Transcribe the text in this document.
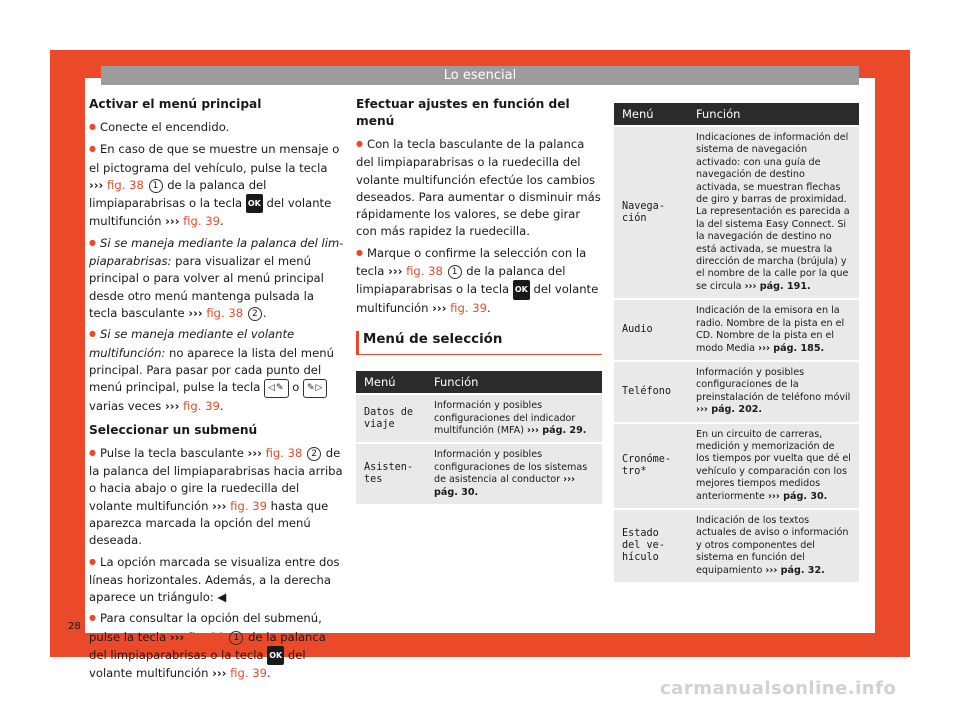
Lo esencial
Activar el menú principal

● Conecte el encendido.

● En caso de que se muestre un mensaje o el pictograma del vehículo, pulse la tecla ››› fig. 38 1 de la palanca del limpiaparabrisas o la tecla OK del volante multifunción ››› fig. 39.

● Si se maneja mediante la palanca del limpiaparabrisas: para visualizar el menú principal o para volver al menú principal desde otro menú mantenga pulsada la tecla basculante ››› fig. 38 2 .

● Si se maneja mediante el volante multifunción: no aparece la lista del menú principal. Para pasar por cada punto del menú principal, pulse la tecla ◁✎ o ✎▷ varias veces ››› fig. 39.

Seleccionar un submenú

● Pulse la tecla basculante ››› fig. 38 2 de la palanca del limpiaparabrisas hacia arriba o hacia abajo o gire la ruedecilla del volante multifunción ››› fig. 39 hasta que aparezca marcada la opción del menú deseada.

● La opción marcada se visualiza entre dos líneas horizontales. Además, a la derecha aparece un triángulo: ◀

● Para consultar la opción del submenú, pulse la tecla ››› fig. 38 1 de la palanca del limpiaparabrisas o la tecla OK del volante multifunción ››› fig. 39.

Efectuar ajustes en función del menú

● Con la tecla basculante de la palanca del limpiaparabrisas o la ruedecilla del volante multifunción efectúe los cambios deseados. Para aumentar o disminuir más rápidamente los valores, se debe girar con más rapidez la ruedecilla.

● Marque o confirme la selección con la tecla ››› fig. 38 1 de la palanca del limpiaparabrisas o la tecla OK del volante multifunción ››› fig. 39.

Menú de selección
Menú	Función
Datos de viaje	Información y posibles configuraciones del indicador multifunción (MFA) ››› pág. 29.
Asistentes	Información y posibles configuraciones de los sistemas de asistencia al conductor ››› pág. 30.
Menú	Función
Navegación	Indicaciones de información del sistema de navegación activado: con una guía de navegación de destino activada, se muestran flechas de giro y barras de proximidad. La representación es parecida a la del sistema Easy Connect. Si la navegación de destino no está activada, se muestra la dirección de marcha (brújula) y el nombre de la calle por la que se circula ››› pág. 191.
Audio	Indicación de la emisora en la radio. Nombre de la pista en el CD. Nombre de la pista en el modo Media ››› pág. 185.
Teléfono	Información y posibles configuraciones de la preinstalación de teléfono móvil ››› pág. 202.
Cronómetro*	En un circuito de carreras, medición y memorización de los tiempos por vuelta que dé el vehículo y comparación con los mejores tiempos medidos anteriormente ››› pág. 30.
Estado del vehículo	Indicación de los textos actuales de aviso o información y otros componentes del sistema en función del equipamiento ››› pág. 32.
28
carmanualsonline.info
